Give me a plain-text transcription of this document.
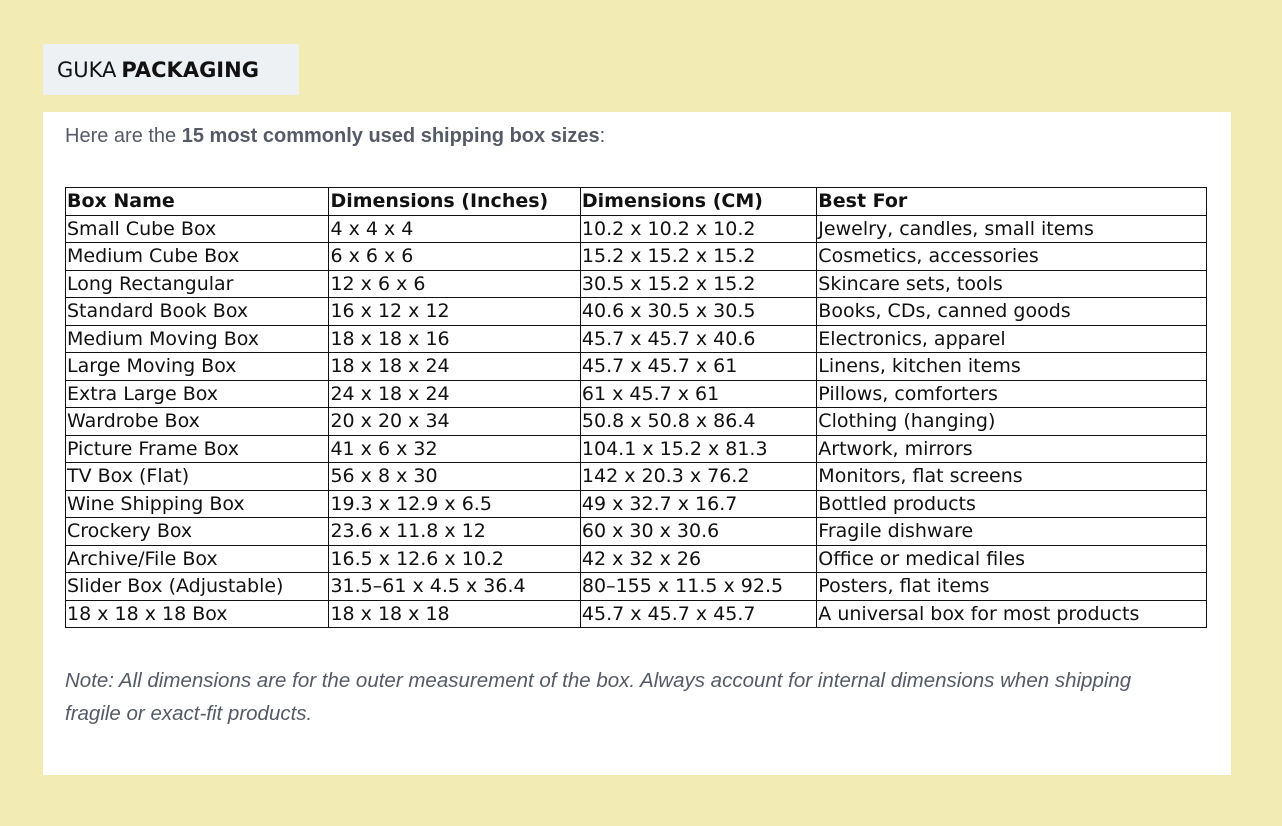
GUKA PACKAGING
Here are the 15 most commonly used shipping box sizes:
Box Name	Dimensions (Inches)	Dimensions (CM)	Best For
Small Cube Box	4 x 4 x 4	10.2 x 10.2 x 10.2	Jewelry, candles, small items
Medium Cube Box	6 x 6 x 6	15.2 x 15.2 x 15.2	Cosmetics, accessories
Long Rectangular	12 x 6 x 6	30.5 x 15.2 x 15.2	Skincare sets, tools
Standard Book Box	16 x 12 x 12	40.6 x 30.5 x 30.5	Books, CDs, canned goods
Medium Moving Box	18 x 18 x 16	45.7 x 45.7 x 40.6	Electronics, apparel
Large Moving Box	18 x 18 x 24	45.7 x 45.7 x 61	Linens, kitchen items
Extra Large Box	24 x 18 x 24	61 x 45.7 x 61	Pillows, comforters
Wardrobe Box	20 x 20 x 34	50.8 x 50.8 x 86.4	Clothing (hanging)
Picture Frame Box	41 x 6 x 32	104.1 x 15.2 x 81.3	Artwork, mirrors
TV Box (Flat)	56 x 8 x 30	142 x 20.3 x 76.2	Monitors, flat screens
Wine Shipping Box	19.3 x 12.9 x 6.5	49 x 32.7 x 16.7	Bottled products
Crockery Box	23.6 x 11.8 x 12	60 x 30 x 30.6	Fragile dishware
Archive/File Box	16.5 x 12.6 x 10.2	42 x 32 x 26	Office or medical files
Slider Box (Adjustable)	31.5–61 x 4.5 x 36.4	80–155 x 11.5 x 92.5	Posters, flat items
18 x 18 x 18 Box	18 x 18 x 18	45.7 x 45.7 x 45.7	A universal box for most products
Note: All dimensions are for the outer measurement of the box. Always account for internal dimensions when shipping fragile or exact-fit products.
